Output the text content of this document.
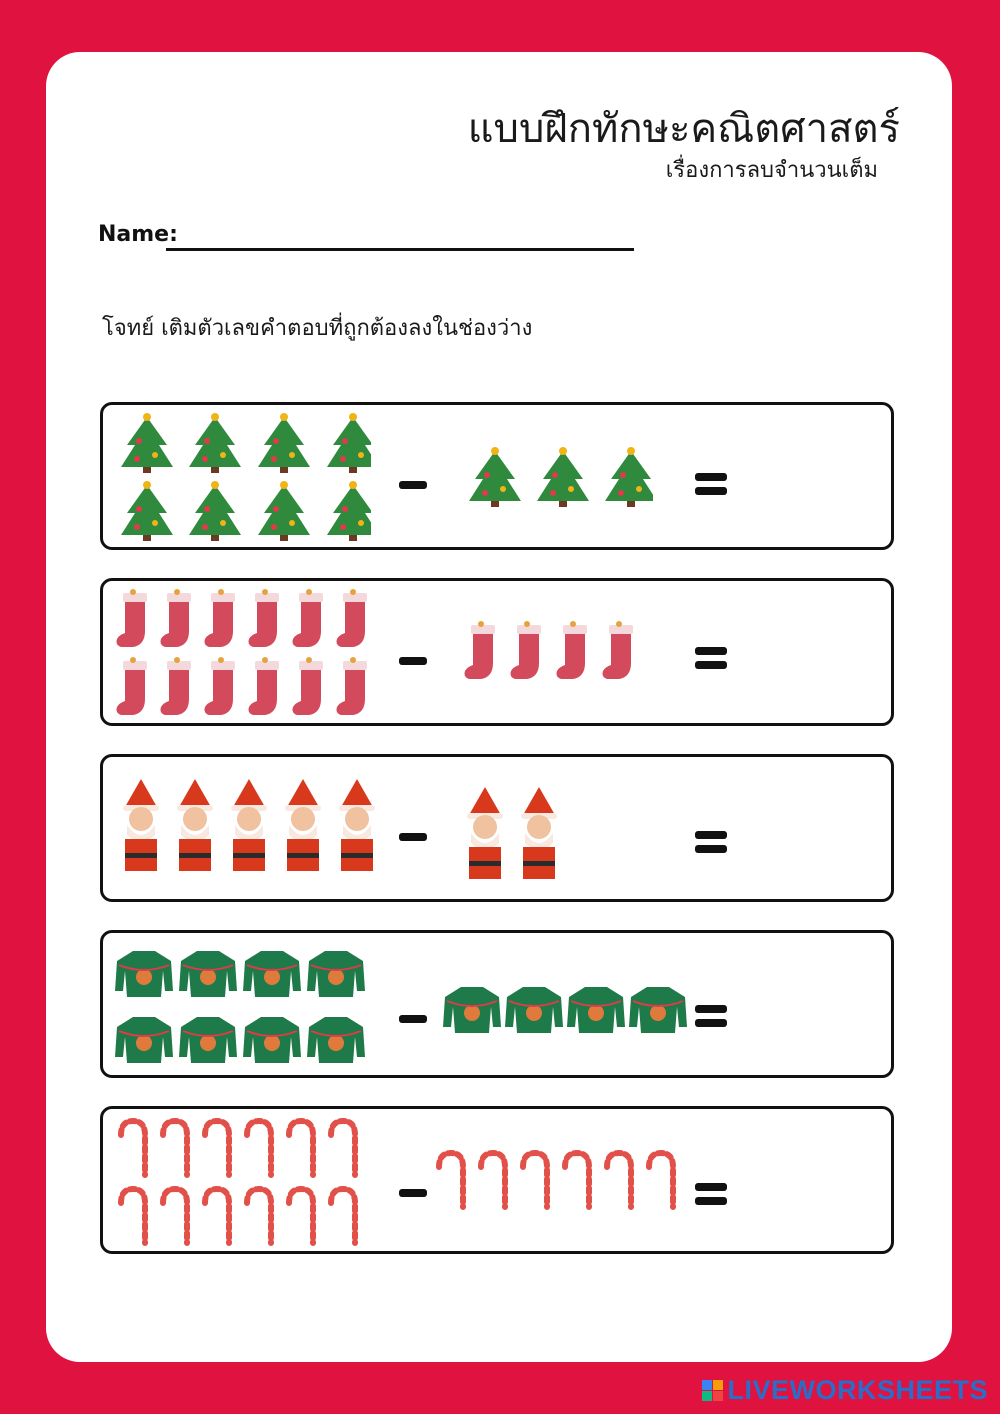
แบบฝึกทักษะคณิตศาสตร์
เรื่องการลบจำนวนเต็ม
Name:
โจทย์ เติมตัวเลขคำตอบที่ถูกต้องลงในช่องว่าง
LIVEWORKSHEETS
